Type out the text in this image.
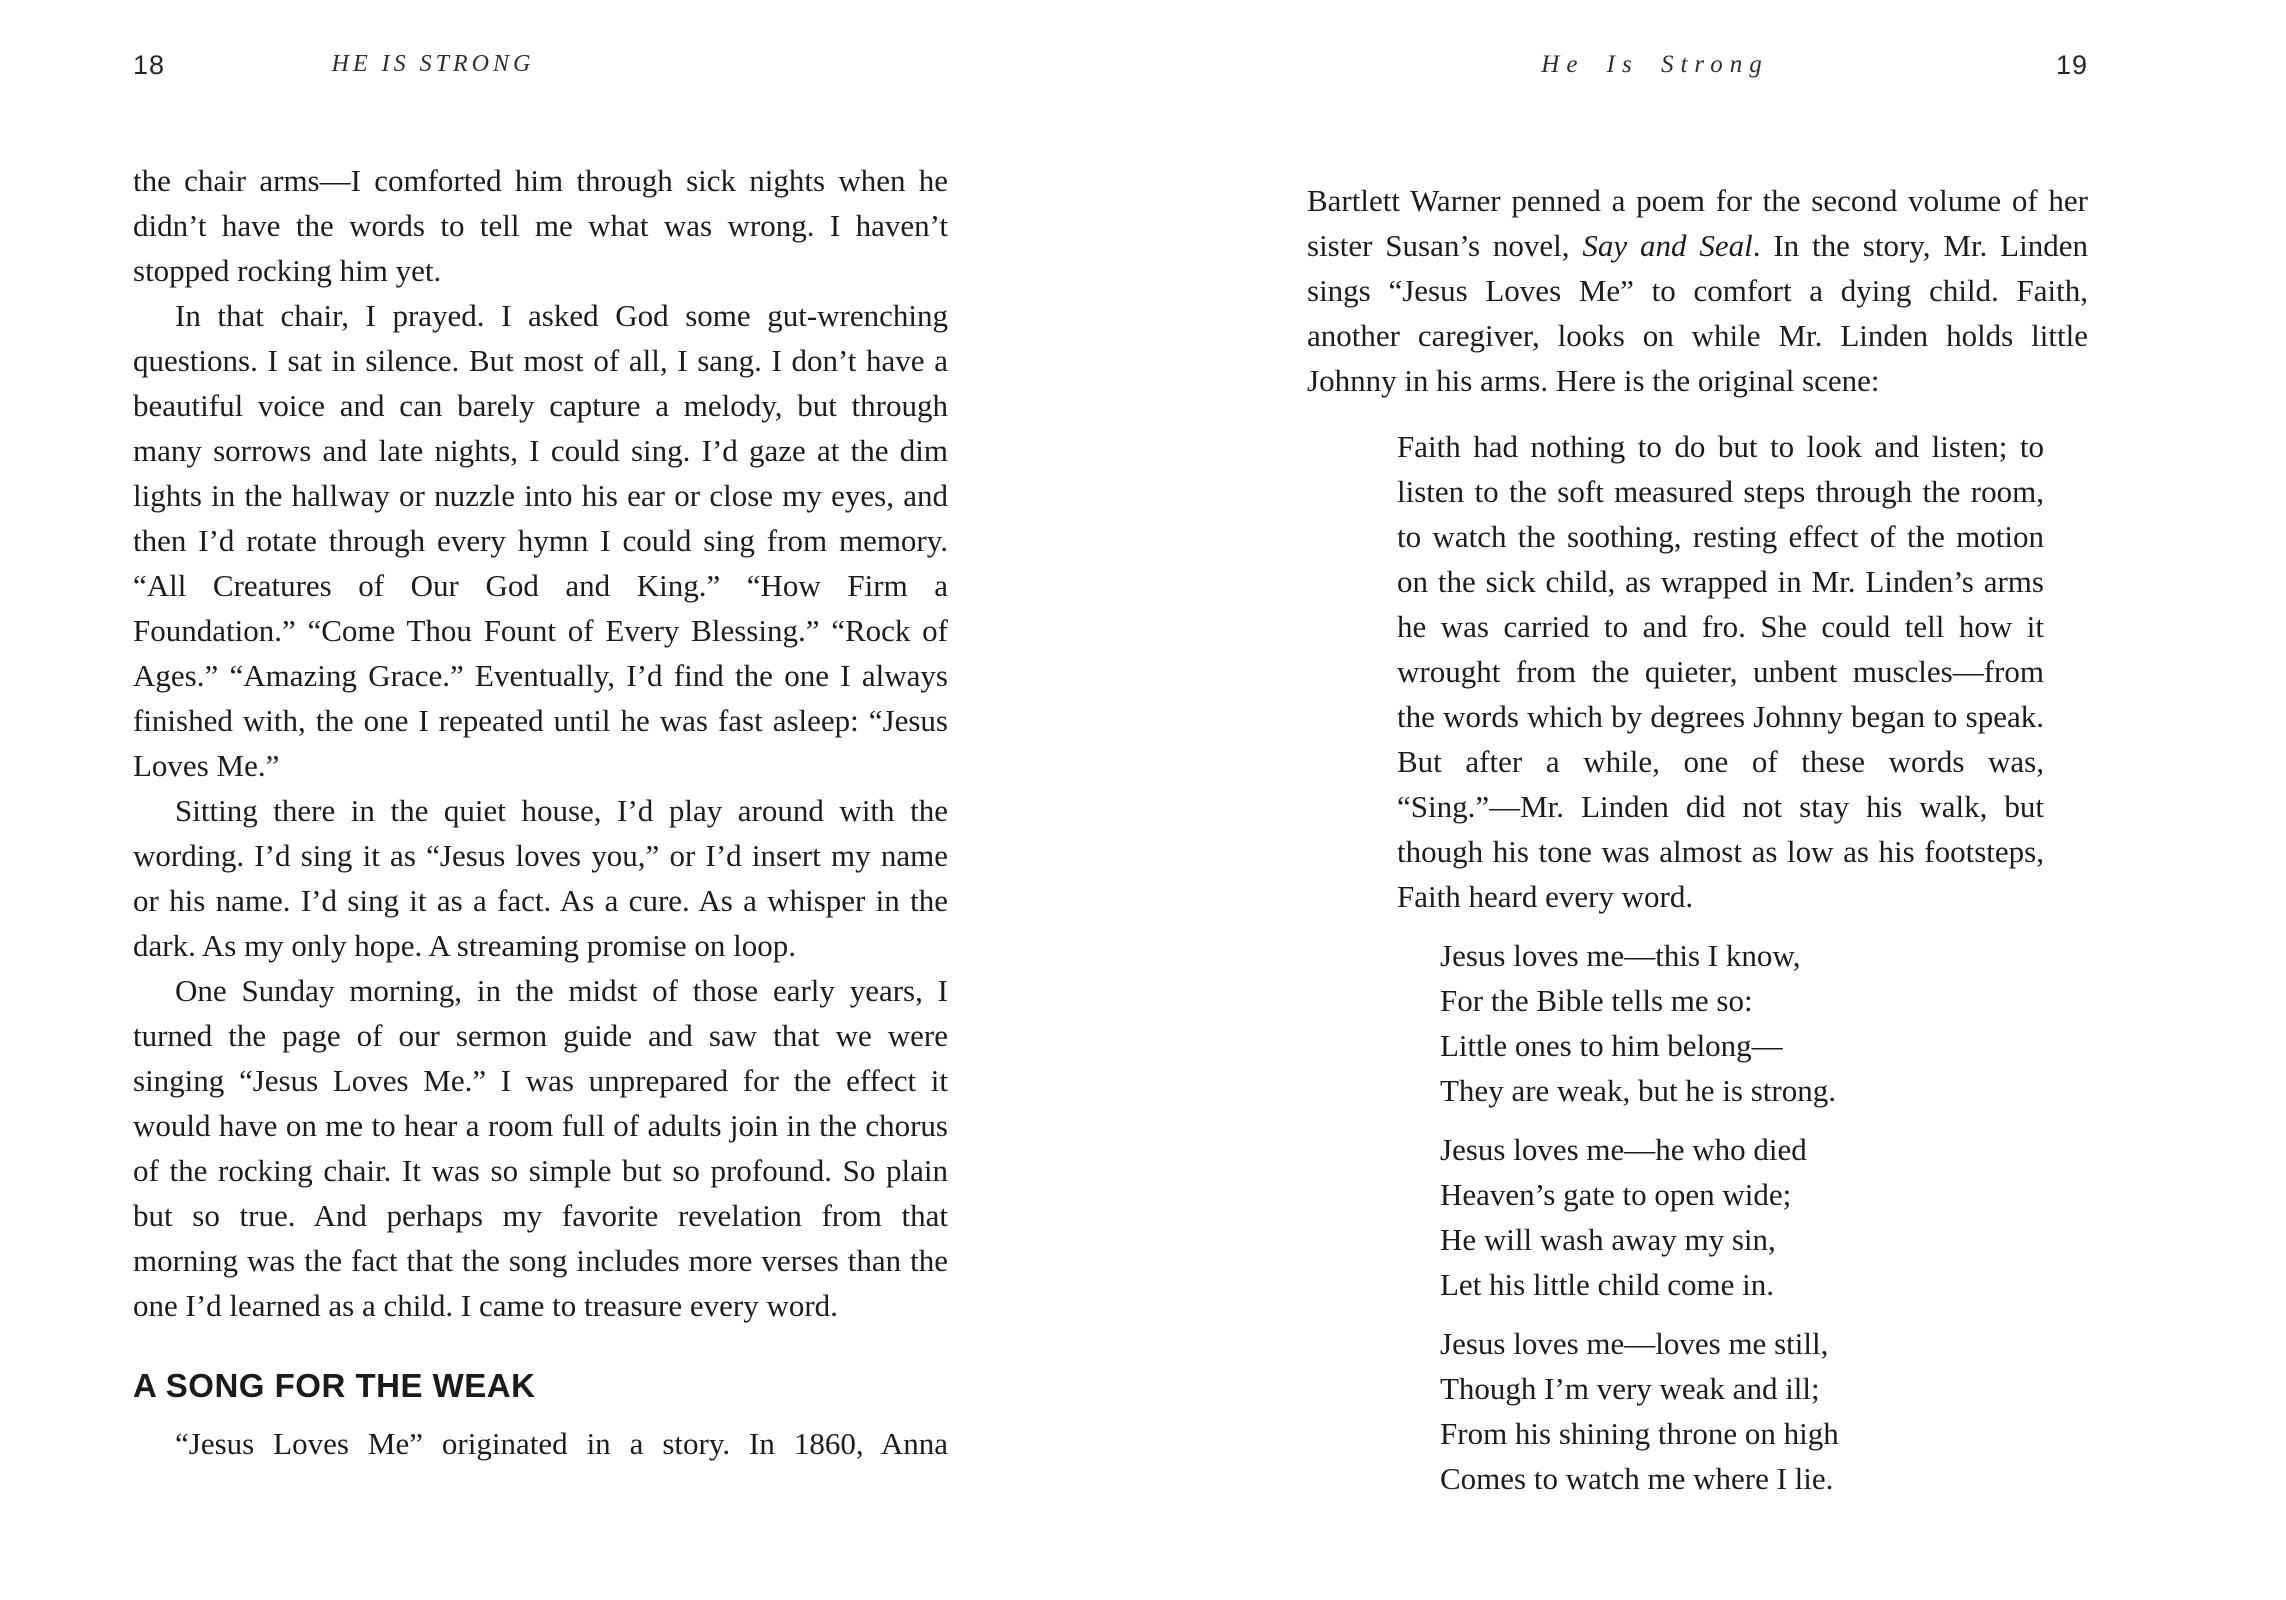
18	HE IS STRONG

the chair arms—I comforted him through sick nights when he didn’t have the words to tell me what was wrong. I haven’t stopped rocking him yet.

In that chair, I prayed. I asked God some gut-wrenching questions. I sat in silence. But most of all, I sang. I don’t have a beautiful voice and can barely capture a melody, but through many sorrows and late nights, I could sing. I’d gaze at the dim lights in the hallway or nuzzle into his ear or close my eyes, and then I’d rotate through every hymn I could sing from memory. “All Creatures of Our God and King.” “How Firm a Foundation.” “Come Thou Fount of Every Blessing.” “Rock of Ages.” “Amazing Grace.” Eventually, I’d find the one I always finished with, the one I repeated until he was fast asleep: “Jesus Loves Me.”

Sitting there in the quiet house, I’d play around with the wording. I’d sing it as “Jesus loves you,” or I’d insert my name or his name. I’d sing it as a fact. As a cure. As a whisper in the dark. As my only hope. A streaming promise on loop.

One Sunday morning, in the midst of those early years, I turned the page of our sermon guide and saw that we were singing “Jesus Loves Me.” I was unprepared for the effect it would have on me to hear a room full of adults join in the chorus of the rocking chair. It was so simple but so profound. So plain but so true. And perhaps my favorite revelation from that morning was the fact that the song includes more verses than the one I’d learned as a child. I came to treasure every word.

A SONG FOR THE WEAK

“Jesus Loves Me” originated in a story. In 1860, Anna

He Is Strong	19

Bartlett Warner penned a poem for the second volume of her sister Susan’s novel, Say and Seal. In the story, Mr. Linden sings “Jesus Loves Me” to comfort a dying child. Faith, another caregiver, looks on while Mr. Linden holds little Johnny in his arms. Here is the original scene:

Faith had nothing to do but to look and listen; to listen to the soft measured steps through the room, to watch the soothing, resting effect of the motion on the sick child, as wrapped in Mr. Linden’s arms he was carried to and fro. She could tell how it wrought from the quieter, unbent muscles—from the words which by degrees Johnny began to speak. But after a while, one of these words was, “Sing.”—Mr. Linden did not stay his walk, but though his tone was almost as low as his footsteps, Faith heard every word.

Jesus loves me—this I know,

For the Bible tells me so:

Little ones to him belong—

They are weak, but he is strong.

Jesus loves me—he who died

Heaven’s gate to open wide;

He will wash away my sin,

Let his little child come in.

Jesus loves me—loves me still,

Though I’m very weak and ill;

From his shining throne on high

Comes to watch me where I lie.
